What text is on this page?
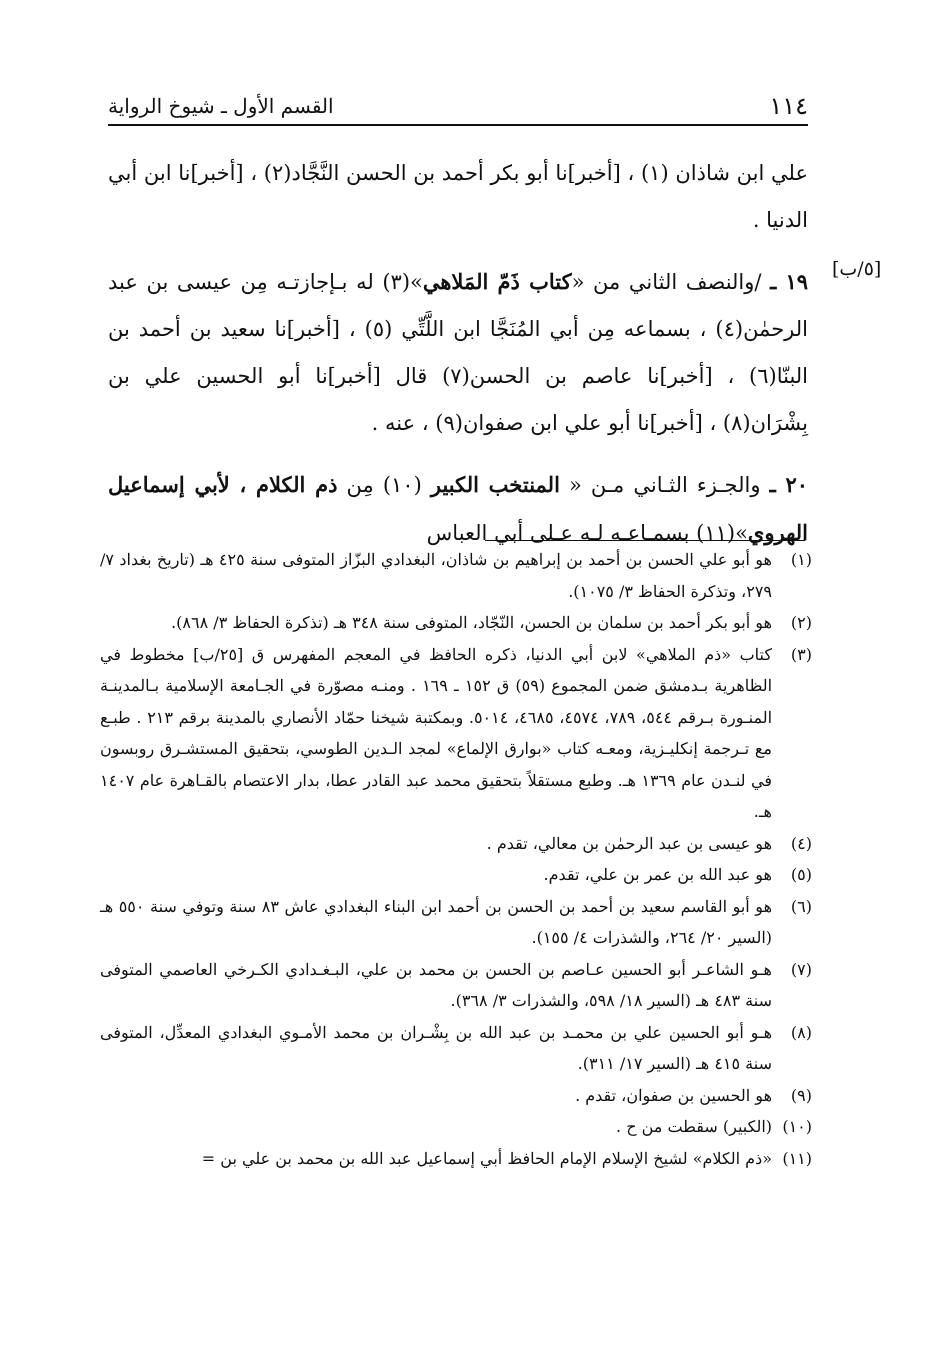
القسم الأول ـ شيوخ الرواية	١١٤
[٥/ب]

علي ابن شاذان (١) ، [أخبر]نا أبو بكر أحمد بن الحسن النَّجَّاد(٢) ، [أخبر]نا ابن أبي الدنيا .

١٩ ـ /والنصف الثاني من «كتاب ذَمّ المَلاهي»(٣) له بـإجازتـه مِن عيسى بن عبد الرحمٰن(٤) ، بسماعه مِن أبي المُنَجَّا ابن اللَّتِّي (٥) ، [أخبر]نا سعيد بن أحمد بن البنّا(٦) ، [أخبر]نا عاصم بن الحسن(٧) قال [أخبر]نا أبو الحسين علي بن بِشْرَان(٨) ، [أخبر]نا أبو علي ابن صفوان(٩) ، عنه .

٢٠ ـ والجـزء الثـاني مـن « المنتخب الكبير (١٠) مِن ذم الكلام ، لأبي إسماعيل الهروي»(١١) بسمـاعـه لـه عـلى أبي العباس

(١)
هو أبو علي الحسن بن أحمد بن إبراهيم بن شاذان، البغدادي البزّاز المتوفى سنة ٤٢٥ هـ (تاريخ بغداد ٧/ ٢٧٩، وتذكرة الحفاظ ٣/ ١٠٧٥).
(٢)
هو أبو بكر أحمد بن سلمان بن الحسن، النّجّاد، المتوفى سنة ٣٤٨ هـ (تذكرة الحفاظ ٣/ ٨٦٨).
(٣)
كتاب «ذم الملاهي» لابن أبي الدنيا، ذكره الحافظ في المعجم المفهرس ق [٢٥/ب] مخطوط في الظاهرية بـدمشق ضمن المجموع (٥٩) ق ١٥٢ ـ ١٦٩ . ومنـه مصوّرة في الجـامعة الإسلامية بـالمدينـة المنـورة بـرقم ٥٤٤، ٧٨٩، ٤٥٧٤، ٤٦٨٥، ٥٠١٤. وبمكتبة شيخنا حمّاد الأنصاري بالمدينة برقم ٢١٣ . طبـع مع تـرجمة إنكليـزية، ومعـه كتاب «بوارق الإلماع» لمجد الـدين الطوسي، بتحقيق المستشـرق روبسون في لنـدن عام ١٣٦٩ هـ. وطبع مستقلاً بتحقيق محمد عبد القادر عطا، بدار الاعتصام بالقـاهرة عام ١٤٠٧ هـ.
(٤)
هو عيسى بن عبد الرحمٰن بن معالي، تقدم .
(٥)
هو عبد الله بن عمر بن علي، تقدم.
(٦)
هو أبو القاسم سعيد بن أحمد بن الحسن بن أحمد ابن البناء البغدادي عاش ٨٣ سنة وتوفي سنة ٥٥٠ هـ (السير ٢٠/ ٢٦٤، والشذرات ٤/ ١٥٥).
(٧)
هـو الشاعـر أبو الحسين عـاصم بن الحسن بن محمد بن علي، البـغـدادي الكـرخي العاصمي المتوفى سنة ٤٨٣ هـ (السير ١٨/ ٥٩٨، والشذرات ٣/ ٣٦٨).
(٨)
هـو أبو الحسين علي بن محمـد بن عبد الله بن بِشْـران بن محمد الأمـوي البغدادي المعدِّل، المتوفى سنة ٤١٥ هـ (السير ١٧/ ٣١١).
(٩)
هو الحسين بن صفوان، تقدم .
(١٠)
(الكبير) سقطت من ح .
(١١)
«ذم الكلام» لشيخ الإسلام الإمام الحافظ أبي إسماعيل عبد الله بن محمد بن علي بن =
